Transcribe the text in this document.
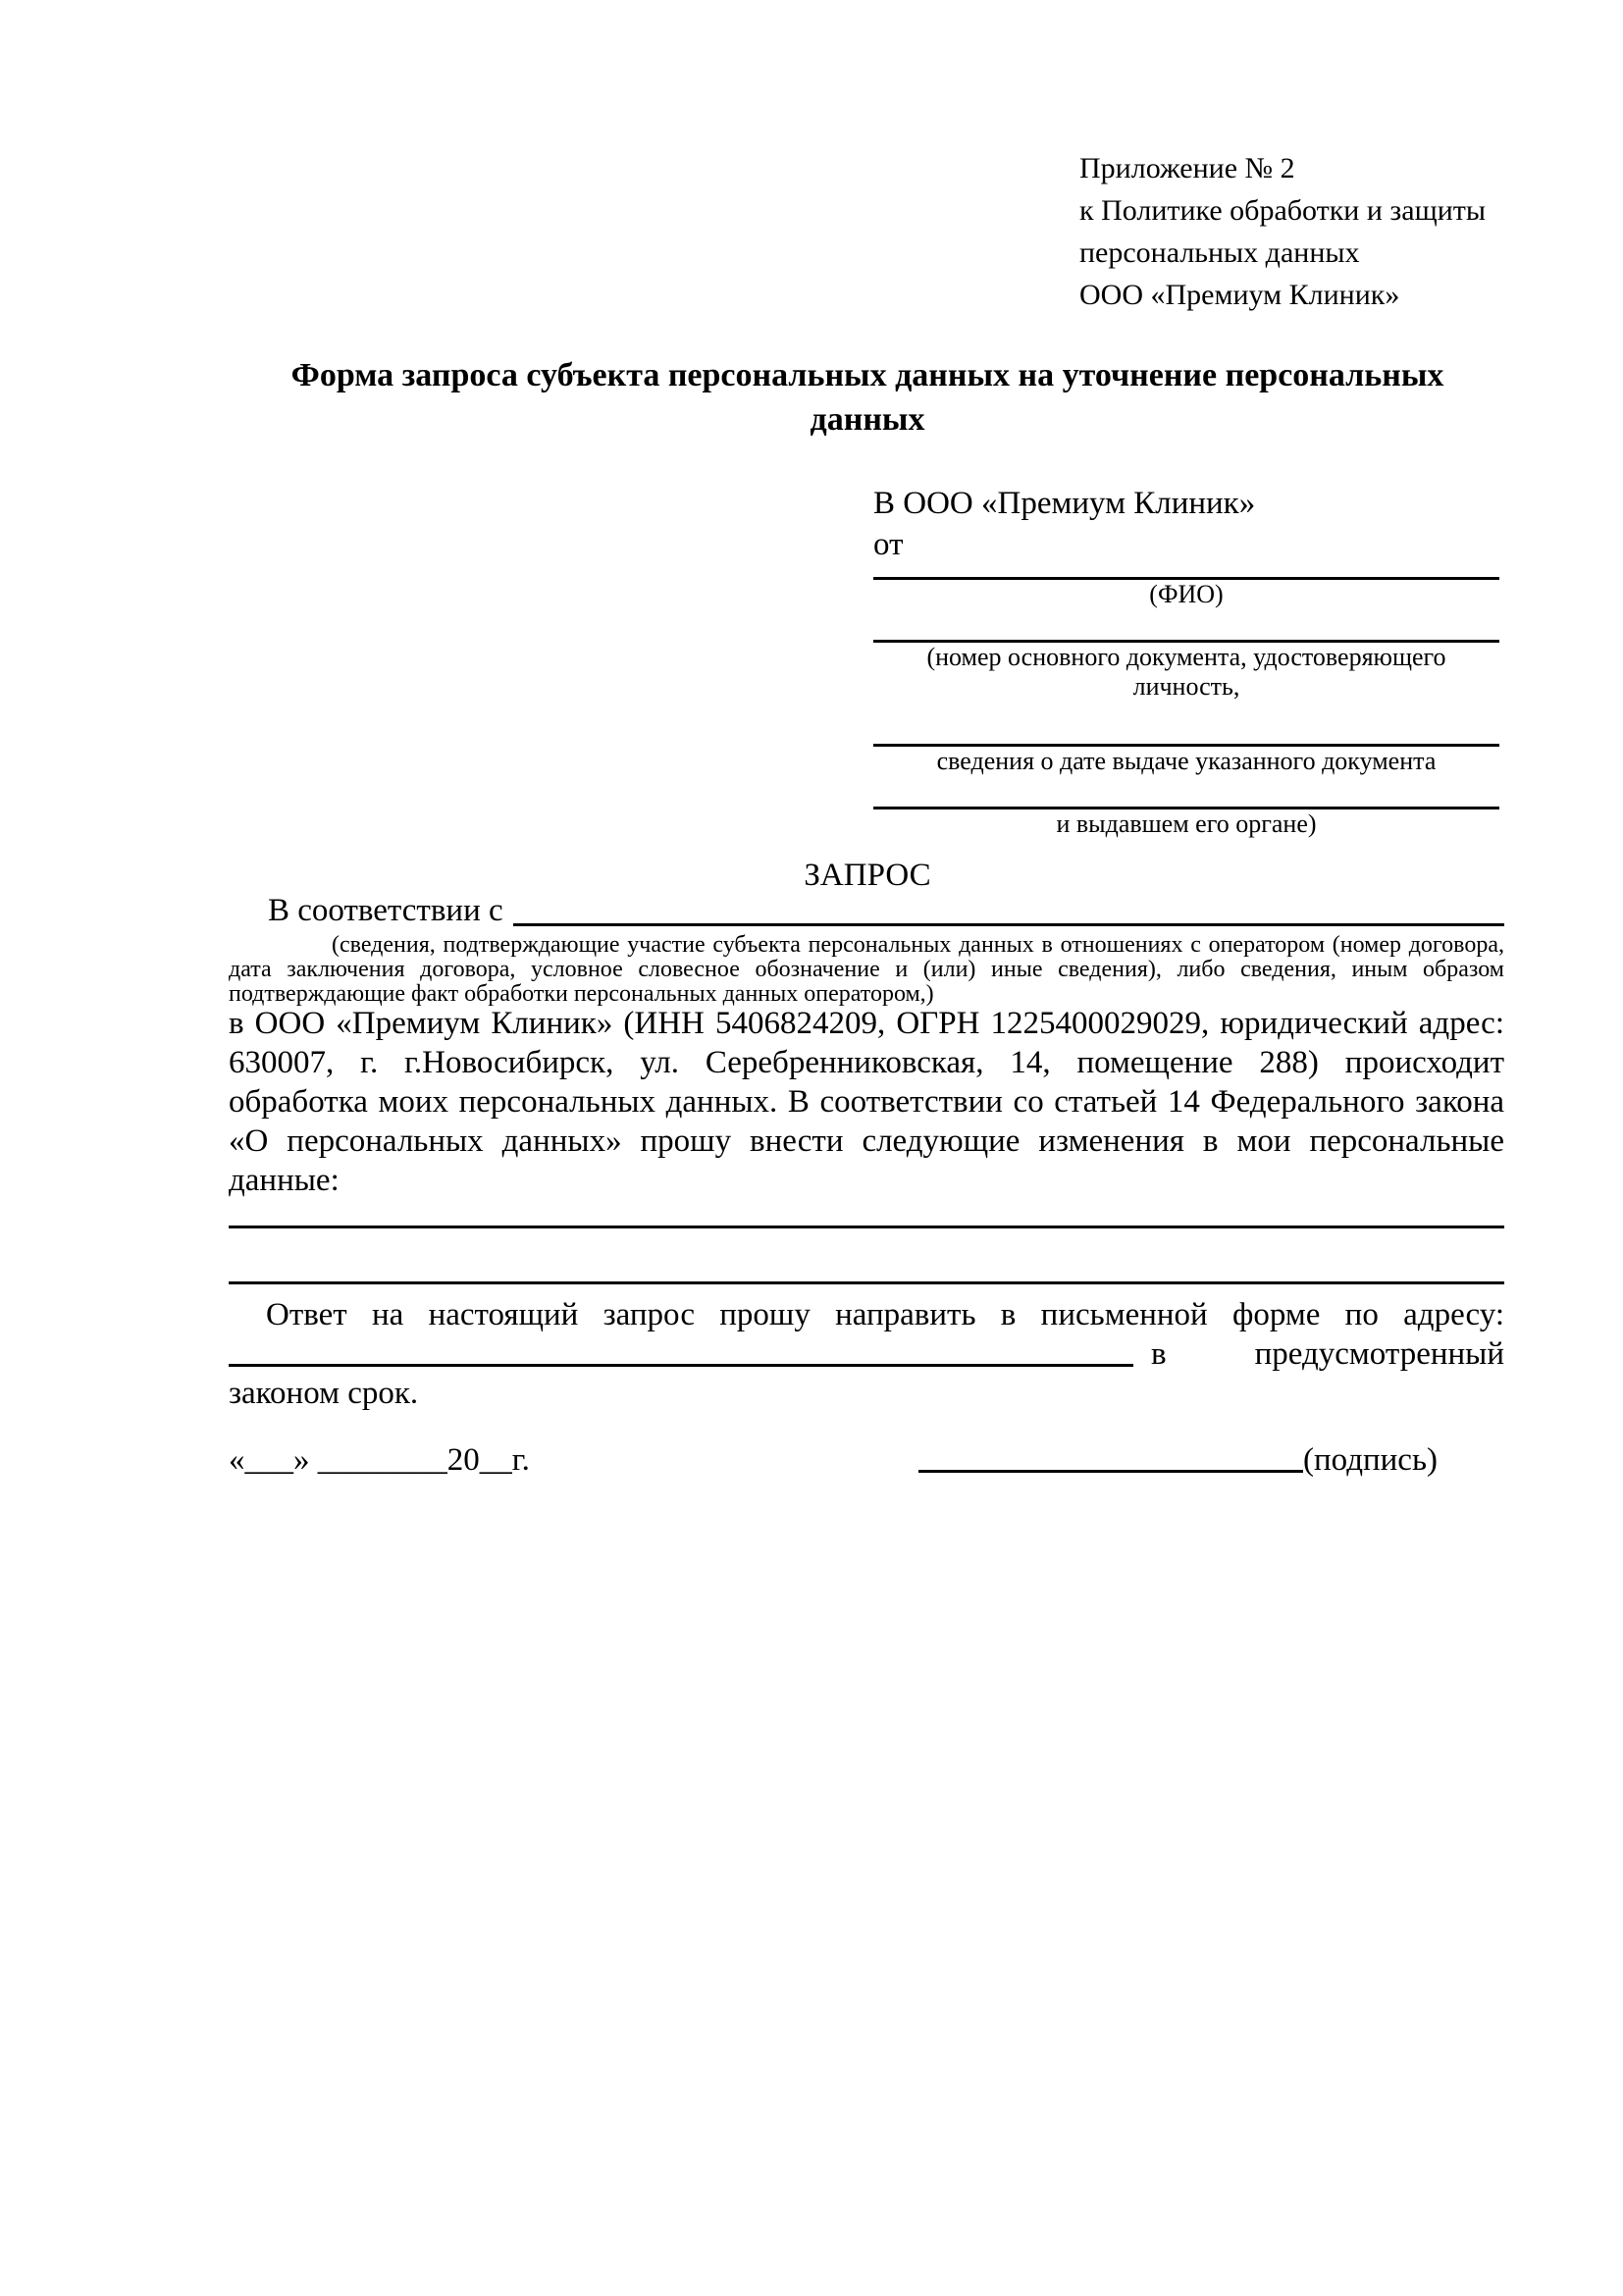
Приложение № 2
к Политике обработки и защиты
персональных данных
ООО «Премиум Клиник»
Форма запроса субъекта персональных данных на уточнение персональных данных
В ООО «Премиум Клиник»
от
(ФИО)
(номер основного документа, удостоверяющего личность,
сведения о дате выдаче указанного документа
и выдавшем его органе)
ЗАПРОС
В соответствии с
(сведения, подтверждающие участие субъекта персональных данных в отношениях с оператором (номер договора, дата заключения договора, условное словесное обозначение и (или) иные сведения), либо сведения, иным образом подтверждающие факт обработки персональных данных оператором,)
в ООО «Премиум Клиник» (ИНН 5406824209, ОГРН 1225400029029, юридический адрес: 630007, г. г.Новосибирск, ул. Серебренниковская, 14, помещение 288) происходит обработка моих персональных данных. В соответствии со статьей 14 Федерального закона «О персональных данных» прошу внести следующие изменения в мои персональные данные:
Ответ на настоящий запрос прошу направить в письменной форме по адресу:
в	предусмотренный
законом срок.
«___» ________20__г.	(подпись)
